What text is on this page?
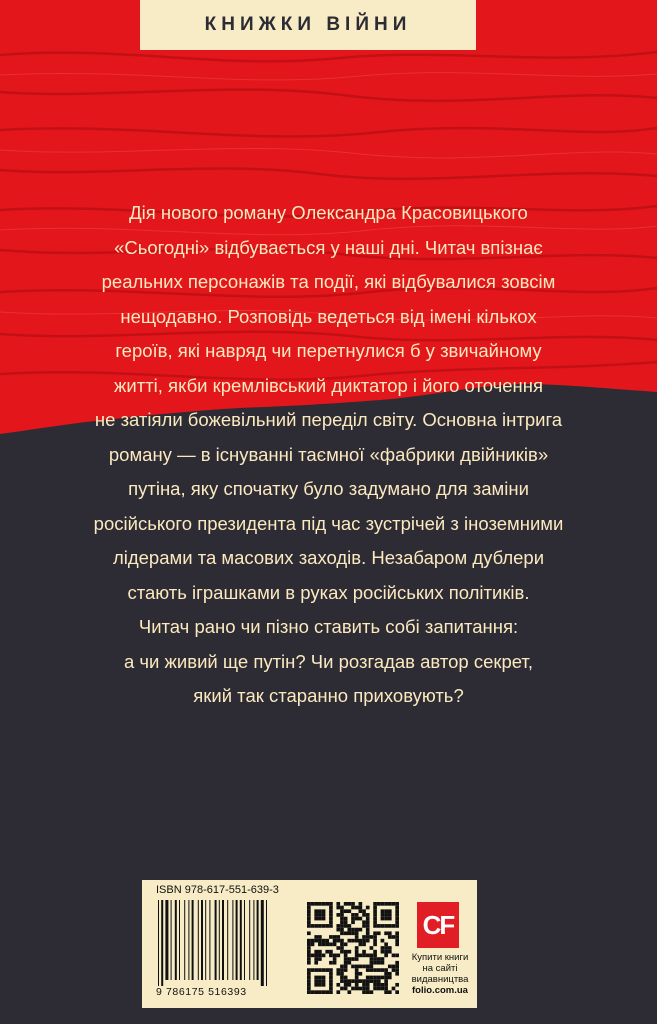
КНИЖКИ ВІЙНИ
Дія нового роману Олександра Красовицького
«Сьогодні» відбувається у наші дні. Читач впізнає
реальних персонажів та події, які відбувалися зовсім
нещодавно. Розповідь ведеться від імені кількох
героїв, які навряд чи перетнулися б у звичайному
житті, якби кремлівський диктатор і його оточення
не затіяли божевільний переділ світу. Основна інтрига
роману — в існуванні таємної «фабрики двійників»
путіна, яку спочатку було задумано для заміни
російського президента під час зустрічей з іноземними
лідерами та масових заходів. Незабаром дублери
стають іграшками в руках російських політиків.
Читач рано чи пізно ставить собі запитання:
а чи живий ще путін? Чи розгадав автор секрет,
який так старанно приховують?
ISBN 978-617-551-639-3
9 786175 516393
CF
Купити книги
на сайті
видавництва
folio.com.ua
